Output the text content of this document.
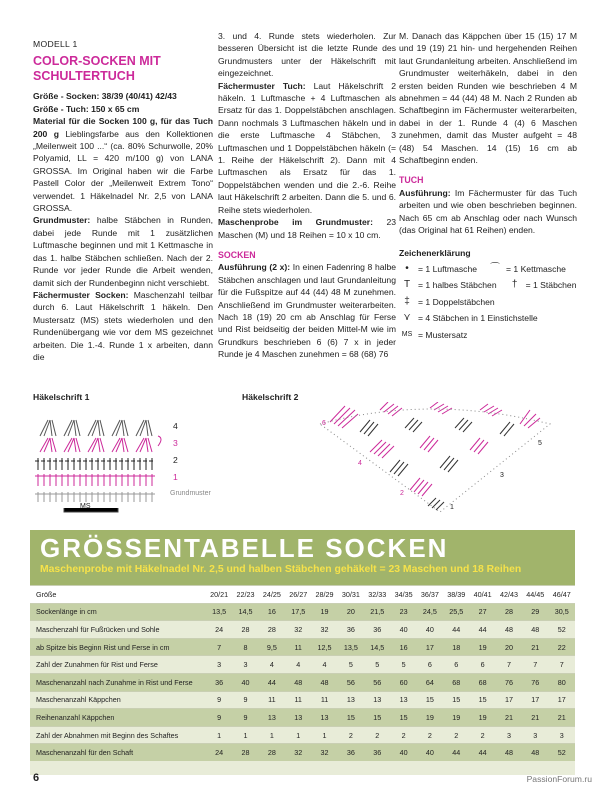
MODELL 1
COLOR-SOCKEN MIT SCHULTERTUCH

Größe - Socken: 38/39 (40/41) 42/43

Größe - Tuch: 150 x 65 cm

Material für die Socken 100 g, für das Tuch 200 g Lieblingsfarbe aus den Kollektionen „Meilenweit 100 ...“ (ca. 80% Schurwolle, 20% Polyamid, LL = 420 m/100 g) von LANA GROSSA. Im Original haben wir die Farbe Pastell Color der „Meilenweit Extrem Tono“ verwendet. 1 Häkelnadel Nr. 2,5 von LANA GROSSA.

Grundmuster: halbe Stäbchen in Runden, dabei jede Runde mit 1 zusätzlichen Luftmasche beginnen und mit 1 Kettmasche in das 1. halbe Stäbchen schließen. Nach der 2. Runde vor jeder Runde die Arbeit wenden, damit sich der Rundenbeginn nicht verschiebt.

Fächermuster Socken: Maschenzahl teilbar durch 6. Laut Häkelschrift 1 häkeln. Den Mustersatz (MS) stets wiederholen und den Rundenübergang wie vor dem MS gezeichnet arbeiten. Die 1.-4. Runde 1 x arbeiten, dann die

3. und 4. Runde stets wiederholen. Zur besseren Übersicht ist die letzte Runde des Grundmusters unter der Häkelschrift mit eingezeichnet.

Fächermuster Tuch: Laut Häkelschrift 2 häkeln. 1 Luftmasche + 4 Luftmaschen als Ersatz für das 1. Doppelstäbchen anschlagen. Dann nochmals 3 Luftmaschen häkeln und in die erste Luftmasche 4 Stäbchen, 3 Luftmaschen und 1 Doppelstäbchen häkeln (= 1. Reihe der Häkelschrift 2). Dann mit 4 Luftmaschen als Ersatz für das 1. Doppelstäbchen wenden und die 2.-6. Reihe laut Häkelschrift 2 arbeiten. Dann die 5. und 6. Reihe stets wiederholen.

Maschenprobe im Grundmuster: 23 Maschen (M) und 18 Reihen = 10 x 10 cm.

SOCKEN

Ausführung (2 x): In einen Fadenring 8 halbe Stäbchen anschlagen und laut Grundanleitung für die Fußspitze auf 44 (44) 48 M zunehmen. Anschließend im Grundmuster weiterarbeiten. Nach 18 (19) 20 cm ab Anschlag für Ferse und Rist beidseitig der beiden Mittel-M wie im Grundkurs beschrieben 6 (6) 7 x in jeder Runde je 4 Maschen zunehmen = 68 (68) 76

M. Danach das Käppchen über 15 (15) 17 M und 19 (19) 21 hin- und hergehenden Reihen laut Grundanleitung arbeiten. Anschließend im Grundmuster weiterhäkeln, dabei in den ersten beiden Runden wie beschrieben 4 M abnehmen = 44 (44) 48 M. Nach 2 Runden ab Schaftbeginn im Fächermuster weiterarbeiten, dabei in der 1. Runde 4 (4) 6 Maschen zunehmen, damit das Muster aufgeht = 48 (48) 54 Maschen. 14 (15) 16 cm ab Schaftbeginn enden.

TUCH

Ausführung: Im Fächermuster für das Tuch arbeiten und wie oben beschrieben beginnen. Nach 65 cm ab Anschlag oder nach Wunsch (das Original hat 61 Reihen) enden.

Zeichenerklärung
•	= 1 Luftmasche	⌒ = 1 Kettmasche
T = 1 halbes Stäbchen	† = 1 Stäbchen
‡ = 1 Doppelstäbchen
⋎ = 4 Stäbchen in 1 Einstichstelle
MS = Mustersatz
Häkelschrift 1	Häkelschrift 2
4
3
2
1
Grundmuster
MS
6
5
4
3
2
1
GRÖSSENTABELLE SOCKEN
Maschenprobe mit Häkelnadel Nr. 2,5 und halben Stäbchen gehäkelt = 23 Maschen und 18 Reihen
Größe	20/21	22/23	24/25	26/27	28/29	30/31	32/33	34/35	36/37	38/39	40/41	42/43	44/45	46/47
Sockenlänge in cm	13,5	14,5	16	17,5	19	20	21,5	23	24,5	25,5	27	28	29	30,5
Maschenzahl für Fußrücken und Sohle	24	28	28	32	32	36	36	40	40	44	44	48	48	52
ab Spitze bis Beginn Rist und Ferse in cm	7	8	9,5	11	12,5	13,5	14,5	16	17	18	19	20	21	22
Zahl der Zunahmen für Rist und Ferse	3	3	4	4	4	5	5	5	6	6	6	7	7	7
Maschenanzahl nach Zunahme in Rist und Ferse	36	40	44	48	48	56	56	60	64	68	68	76	76	80
Maschenanzahl Käppchen	9	9	11	11	11	13	13	13	15	15	15	17	17	17
Reihenanzahl Käppchen	9	9	13	13	13	15	15	15	19	19	19	21	21	21
Zahl der Abnahmen mit Beginn des Schaftes	1	1	1	1	1	2	2	2	2	2	2	3	3	3
Maschenanzahl für den Schaft	24	28	28	32	32	36	36	40	40	44	44	48	48	52
6	PassionForum.ru
